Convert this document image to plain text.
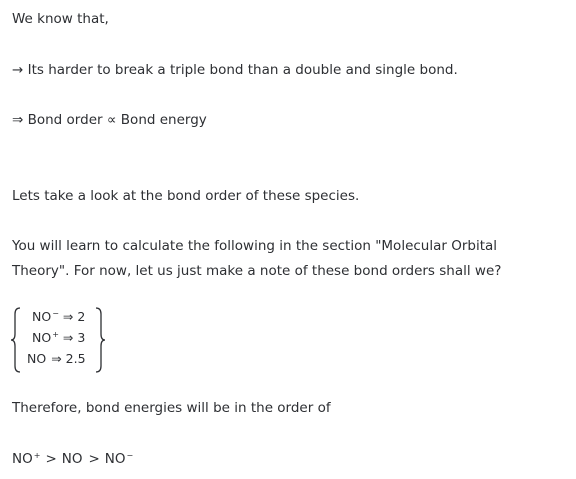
We know that,
→ Its harder to break a triple bond than a double and single bond.
⇒ Bond order ∝ Bond energy
Lets take a look at the bond order of these species.
You will learn to calculate the following in the section "Molecular Orbital
Theory". For now, let us just make a note of these bond orders shall we?
NO− ⇒ 2
NO+ ⇒ 3
NO ⇒ 2.5
Therefore, bond energies will be in the order of
NO+ > NO > NO−
